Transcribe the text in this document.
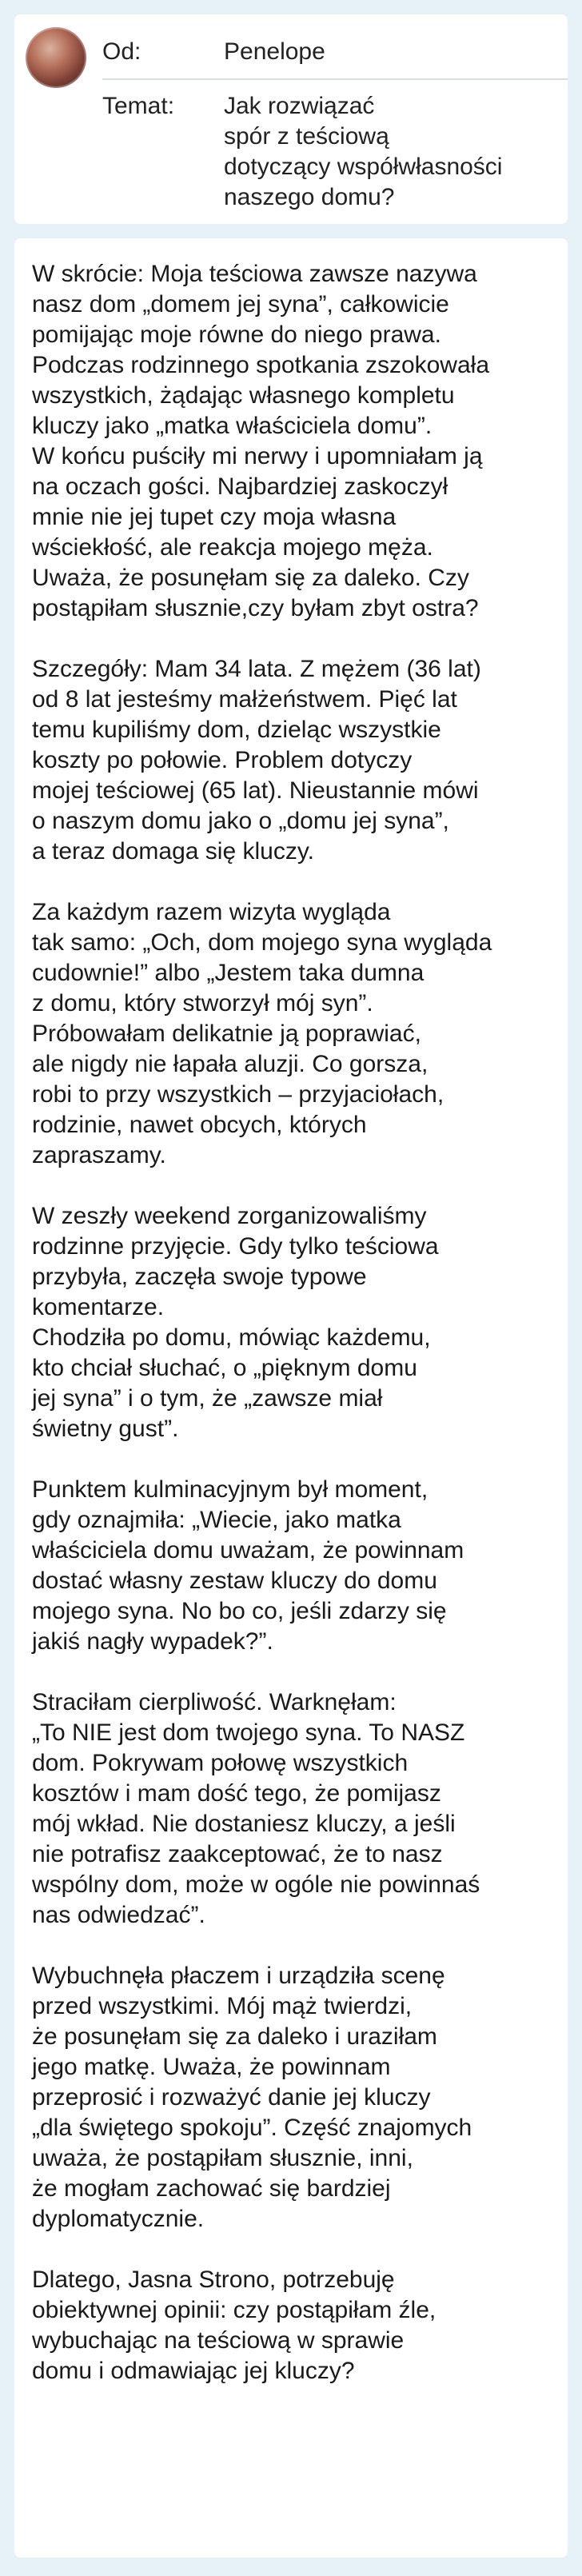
Od:	Penelope
Temat:	Jak rozwiązać
spór z teściową
dotyczący współwłasności
naszego domu?

W skrócie: Moja teściowa zawsze nazywa
nasz dom „domem jej syna”, całkowicie
pomijając moje równe do niego prawa.
Podczas rodzinnego spotkania zszokowała
wszystkich, żądając własnego kompletu
kluczy jako „matka właściciela domu”.
W końcu puściły mi nerwy i upomniałam ją
na oczach gości. Najbardziej zaskoczył
mnie nie jej tupet czy moja własna
wściekłość, ale reakcja mojego męża.
Uważa, że posunęłam się za daleko. Czy
postąpiłam słusznie,czy byłam zbyt ostra?

Szczegóły: Mam 34 lata. Z mężem (36 lat)
od 8 lat jesteśmy małżeństwem. Pięć lat
temu kupiliśmy dom, dzieląc wszystkie
koszty po połowie. Problem dotyczy
mojej teściowej (65 lat). Nieustannie mówi
o naszym domu jako o „domu jej syna”,
a teraz domaga się kluczy.

Za każdym razem wizyta wygląda
tak samo: „Och, dom mojego syna wygląda
cudownie!” albo „Jestem taka dumna
z domu, który stworzył mój syn”.
Próbowałam delikatnie ją poprawiać,
ale nigdy nie łapała aluzji. Co gorsza,
robi to przy wszystkich – przyjaciołach,
rodzinie, nawet obcych, których
zapraszamy.

W zeszły weekend zorganizowaliśmy
rodzinne przyjęcie. Gdy tylko teściowa
przybyła, zaczęła swoje typowe
komentarze.
Chodziła po domu, mówiąc każdemu,
kto chciał słuchać, o „pięknym domu
jej syna” i o tym, że „zawsze miał
świetny gust”.

Punktem kulminacyjnym był moment,
gdy oznajmiła: „Wiecie, jako matka
właściciela domu uważam, że powinnam
dostać własny zestaw kluczy do domu
mojego syna. No bo co, jeśli zdarzy się
jakiś nagły wypadek?”.

Straciłam cierpliwość. Warknęłam:
„To NIE jest dom twojego syna. To NASZ
dom. Pokrywam połowę wszystkich
kosztów i mam dość tego, że pomijasz
mój wkład. Nie dostaniesz kluczy, a jeśli
nie potrafisz zaakceptować, że to nasz
wspólny dom, może w ogóle nie powinnaś
nas odwiedzać”.

Wybuchnęła płaczem i urządziła scenę
przed wszystkimi. Mój mąż twierdzi,
że posunęłam się za daleko i uraziłam
jego matkę. Uważa, że powinnam
przeprosić i rozważyć danie jej kluczy
„dla świętego spokoju”. Część znajomych
uważa, że postąpiłam słusznie, inni,
że mogłam zachować się bardziej
dyplomatycznie.

Dlatego, Jasna Strono, potrzebuję
obiektywnej opinii: czy postąpiłam źle,
wybuchając na teściową w sprawie
domu i odmawiając jej kluczy?
